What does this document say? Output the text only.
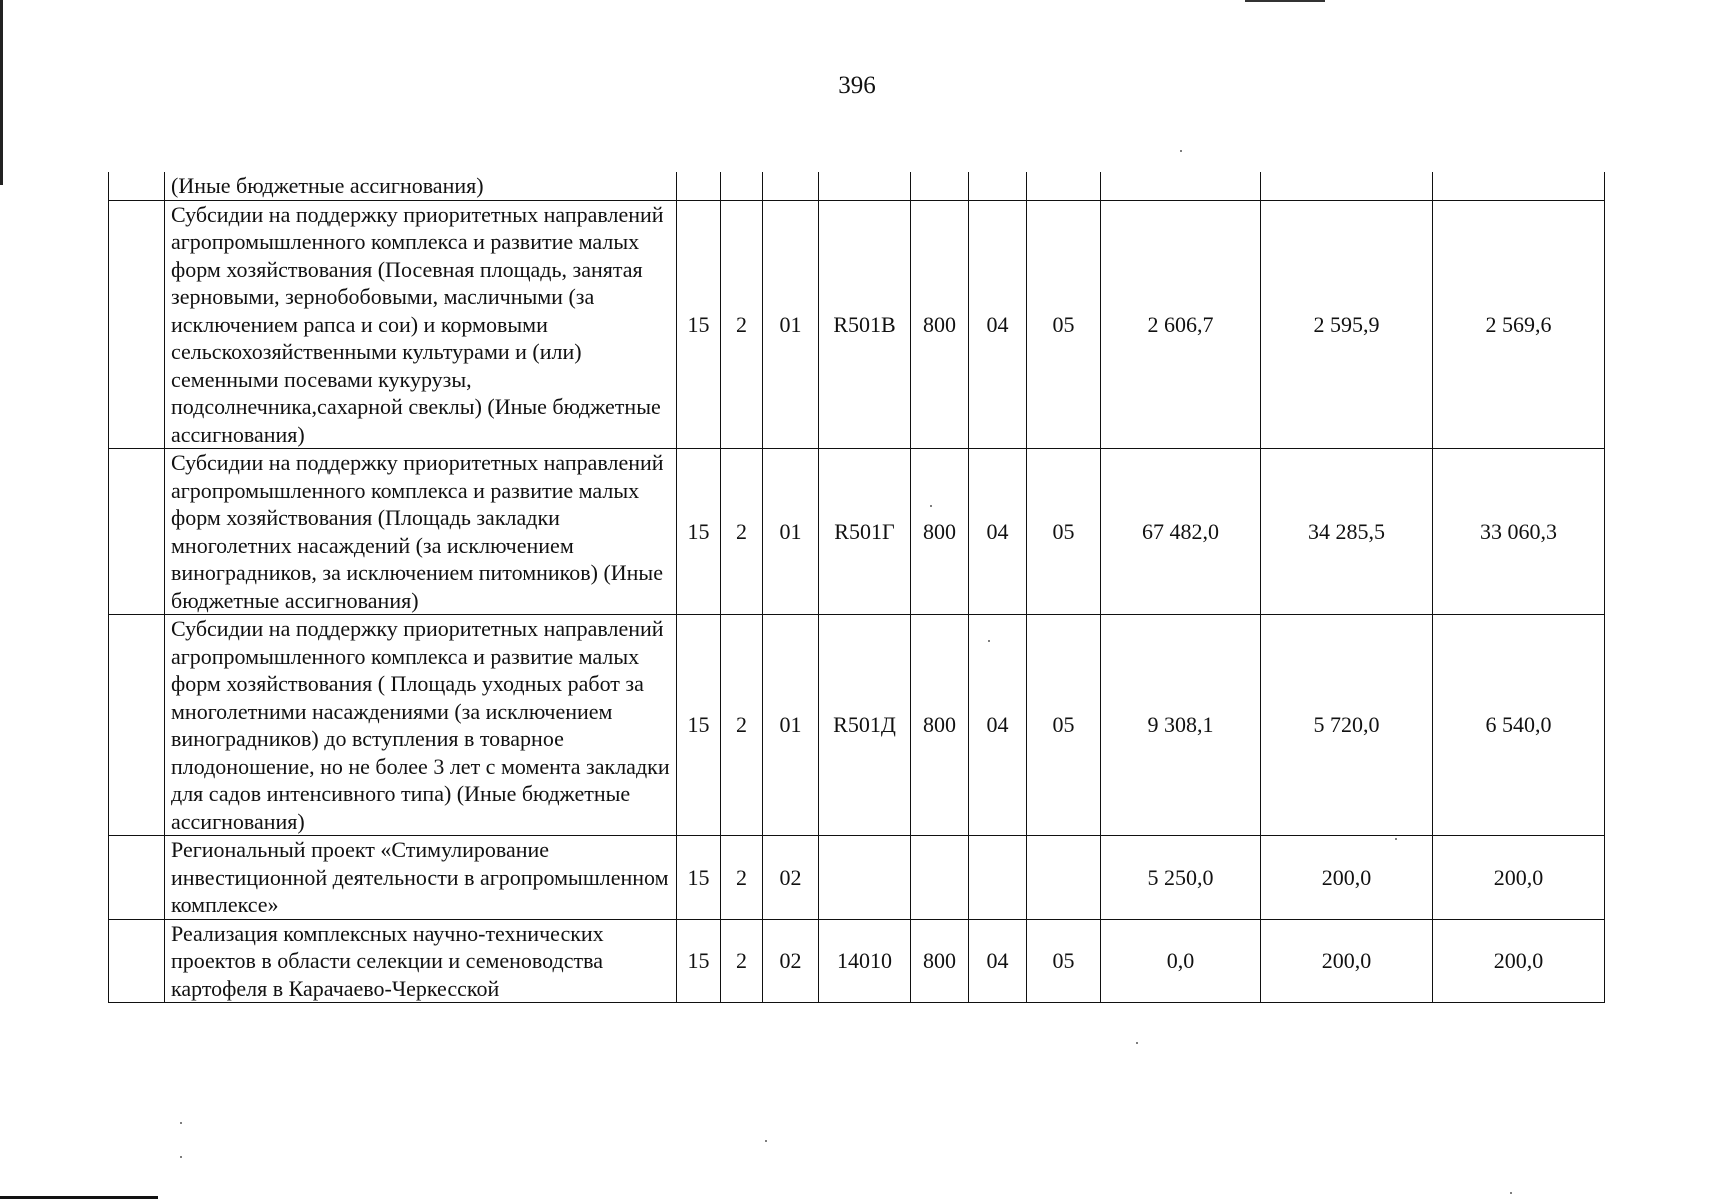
396
	(Иные бюджетные ассигнования)										
	Субсидии на поддержку приоритетных направлений агропромышленного комплекса и развитие малых форм хозяйствования (Посевная площадь, занятая зерновыми, зернобобовыми, масличными (за исключением рапса и сои) и кормовыми сельскохозяйственными культурами и (или) семенными посевами кукурузы, подсолнечника,сахарной свеклы) (Иные бюджетные ассигнования)	15	2	01	R501В	800	04	05	2 606,7	2 595,9	2 569,6
	Субсидии на поддержку приоритетных направлений агропромышленного комплекса и развитие малых форм хозяйствования (Площадь закладки многолетних насаждений (за исключением виноградников, за исключением питомников) (Иные бюджетные ассигнования)	15	2	01	R501Г	800	04	05	67 482,0	34 285,5	33 060,3
	Субсидии на поддержку приоритетных направлений агропромышленного комплекса и развитие малых форм хозяйствования ( Площадь уходных работ за многолетними насаждениями (за исключением виноградников) до вступления в товарное плодоношение, но не более 3 лет с момента закладки для садов интенсивного типа) (Иные бюджетные ассигнования)	15	2	01	R501Д	800	04	05	9 308,1	5 720,0	6 540,0
	Региональный проект «Стимулирование инвестиционной деятельности в агропромышленном комплексе»	15	2	02					5 250,0	200,0	200,0
	Реализация комплексных научно-технических проектов в области селекции и семеноводства картофеля в Карачаево-Черкесской	15	2	02	14010	800	04	05	0,0	200,0	200,0
